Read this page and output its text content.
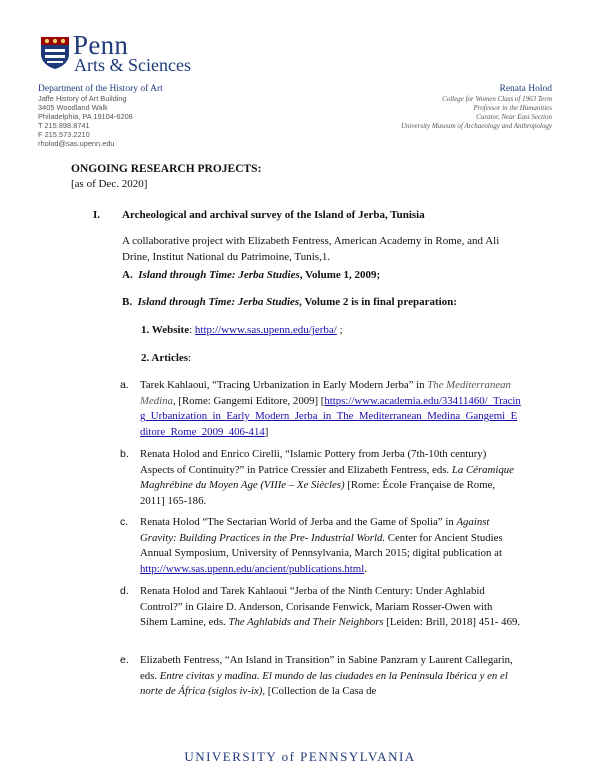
Penn
Arts & Sciences
Department of the History of Art
Jaffe History of Art Building
3405 Woodland Walk
Philadelphia, PA 19104-6208
T 215.898.8741
F 215.573.2210
rholod@sas.upenn.edu
Renata Holod
College for Women Class of 1963 Term
Professor in the Humanities
Curator, Near East Section
University Museum of Archaeology and Anthropology
ONGOING RESEARCH PROJECTS:
[as of Dec. 2020]
I. Archeological and archival survey of the Island of Jerba, Tunisia
A collaborative project with Elizabeth Fentress, American Academy in Rome, and Ali Drine, Institut National du Patrimoine, Tunis,1.
A. Island through Time: Jerba Studies, Volume 1, 2009;
B. Island through Time: Jerba Studies, Volume 2 is in final preparation:
1. Website: http://www.sas.upenn.edu/jerba/ ;
2. Articles:
a. Tarek Kahlaoui, “Tracing Urbanization in Early Modern Jerba” in The Mediterranean Medina, [Rome: Gangemi Editore, 2009] [https://www.academia.edu/33411460/_Tracing_Urbanization_in_Early_Modern_Jerba_in_The_Mediterranean_Medina_Gangemi_Editore_Rome_2009_406-414]
b. Renata Holod and Enrico Cirelli, “Islamic Pottery from Jerba (7th-10th century) Aspects of Continuity?” in Patrice Cressier and Elizabeth Fentress, eds. La Céramique Maghrébine du Moyen Age (VIIIe – Xe Siècles) [Rome: École Française de Rome, 2011] 165-186.
c. Renata Holod “The Sectarian World of Jerba and the Game of Spolia” in Against Gravity: Building Practices in the Pre- Industrial World. Center for Ancient Studies Annual Symposium, University of Pennsylvania, March 2015; digital publication at http://www.sas.upenn.edu/ancient/publications.html.
d. Renata Holod and Tarek Kahlaoui “Jerba of the Ninth Century: Under Aghlabid Control?” in Glaire D. Anderson, Corisande Fenwick, Mariam Rosser-Owen with Sihem Lamine, eds. The Aghlabids and Their Neighbors [Leiden: Brill, 2018] 451- 469.
e. Elizabeth Fentress, “An Island in Transition” in Sabine Panzram y Laurent Callegarin, eds. Entre civitas y madīna. El mundo de las ciudades en la Península Ibérica y en el norte de África (siglos iv-ix), [Collection de la Casa de
UNIVERSITY of PENNSYLVANIA
